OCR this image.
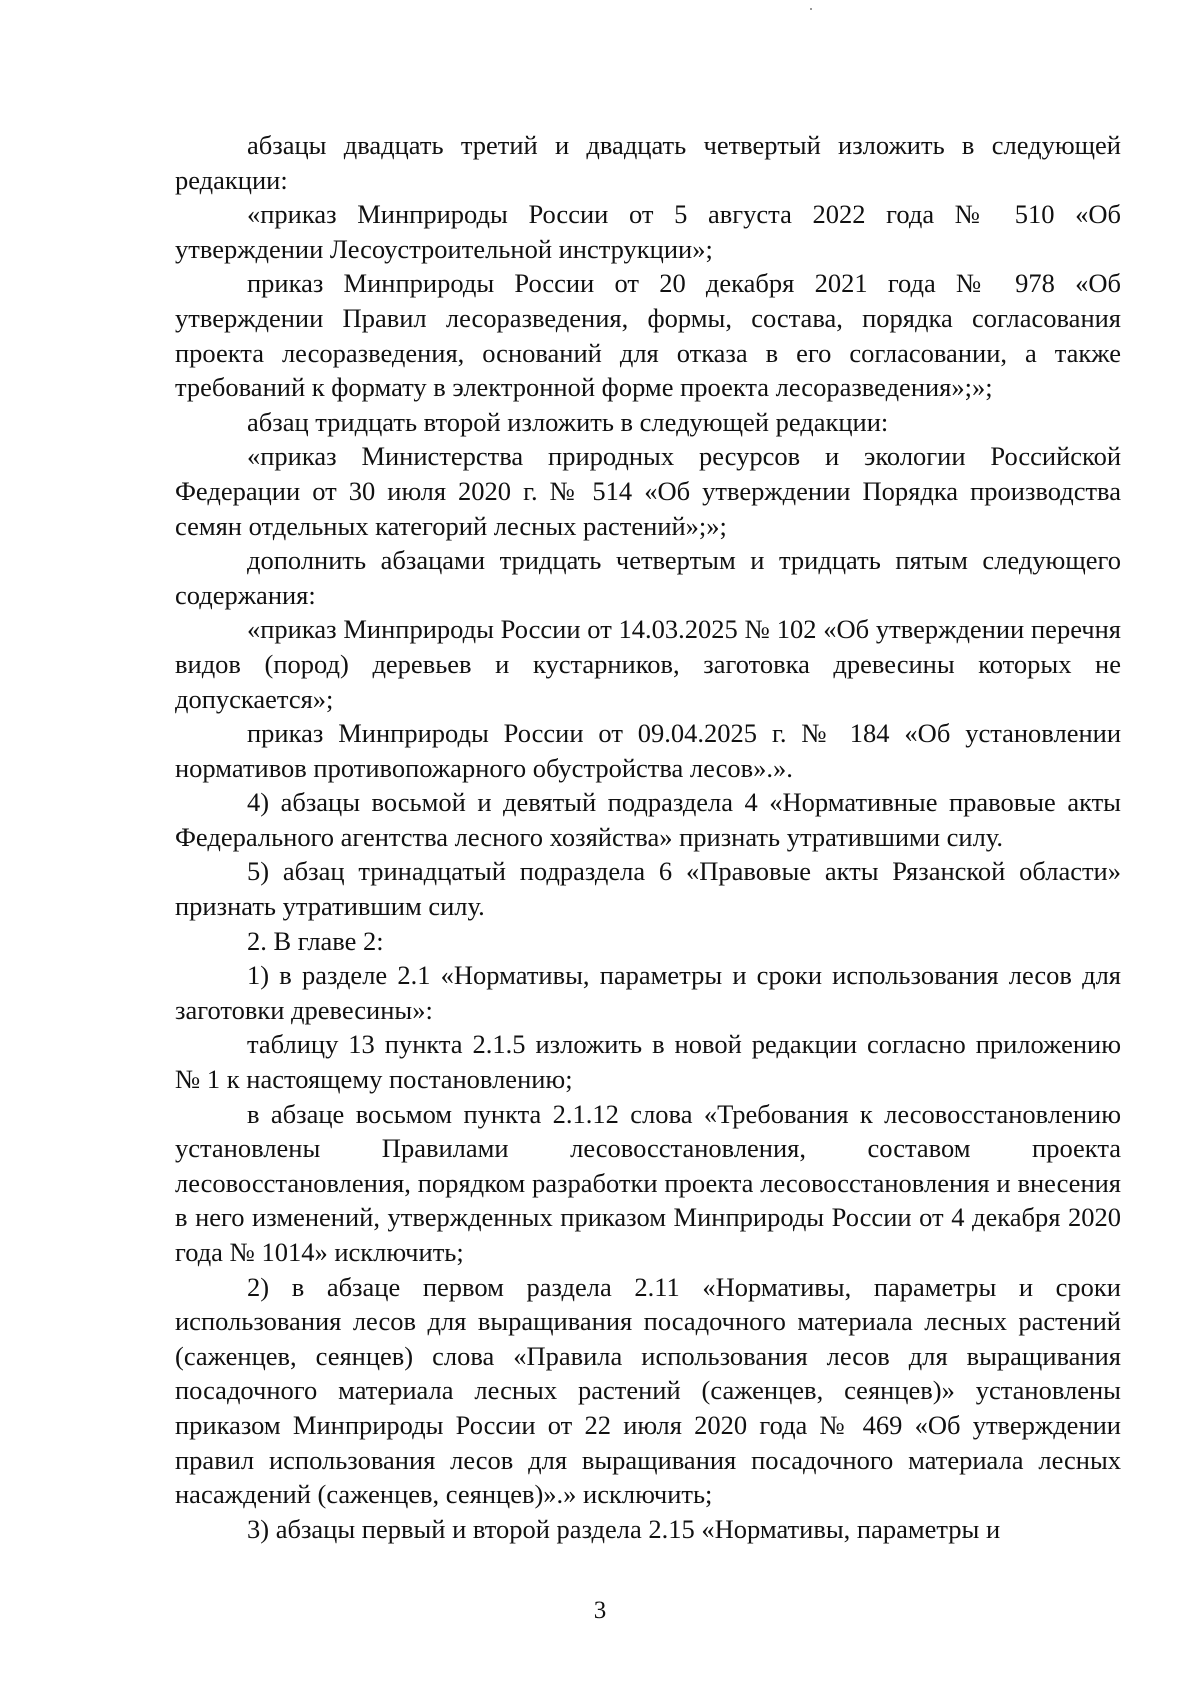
абзацы двадцать третий и двадцать четвертый изложить в следующей редакции:

«приказ Минприроды России от 5 августа 2022 года № 510 «Об утверждении Лесоустроительной инструкции»;

приказ Минприроды России от 20 декабря 2021 года № 978 «Об утверждении Правил лесоразведения, формы, состава, порядка согласования проекта лесоразведения, оснований для отказа в его согласовании, а также требований к формату в электронной форме проекта лесоразведения»;»;

абзац тридцать второй изложить в следующей редакции:

«приказ Министерства природных ресурсов и экологии Российской Федерации от 30 июля 2020 г. № 514 «Об утверждении Порядка производства семян отдельных категорий лесных растений»;»;

дополнить абзацами тридцать четвертым и тридцать пятым следующего содержания:

«приказ Минприроды России от 14.03.2025 № 102 «Об утверждении перечня видов (пород) деревьев и кустарников, заготовка древесины которых не допускается»;

приказ Минприроды России от 09.04.2025 г. № 184 «Об установлении нормативов противопожарного обустройства лесов».».

4) абзацы восьмой и девятый подраздела 4 «Нормативные правовые акты Федерального агентства лесного хозяйства» признать утратившими силу.

5) абзац тринадцатый подраздела 6 «Правовые акты Рязанской области» признать утратившим силу.

2. В главе 2:

1) в разделе 2.1 «Нормативы, параметры и сроки использования лесов для заготовки древесины»:

таблицу 13 пункта 2.1.5 изложить в новой редакции согласно приложению № 1 к настоящему постановлению;

в абзаце восьмом пункта 2.1.12 слова «Требования к лесовосстановлению установлены Правилами лесовосстановления, составом проекта лесовосстановления, порядком разработки проекта лесовосстановления и внесения в него изменений, утвержденных приказом Минприроды России от 4 декабря 2020 года № 1014» исключить;

2) в абзаце первом раздела 2.11 «Нормативы, параметры и сроки использования лесов для выращивания посадочного материала лесных растений (саженцев, сеянцев) слова «Правила использования лесов для выращивания посадочного материала лесных растений (саженцев, сеянцев)» установлены приказом Минприроды России от 22 июля 2020 года № 469 «Об утверждении правил использования лесов для выращивания посадочного материала лесных насаждений (саженцев, сеянцев)».» исключить;

3) абзацы первый и второй раздела 2.15 «Нормативы, параметры и

3
